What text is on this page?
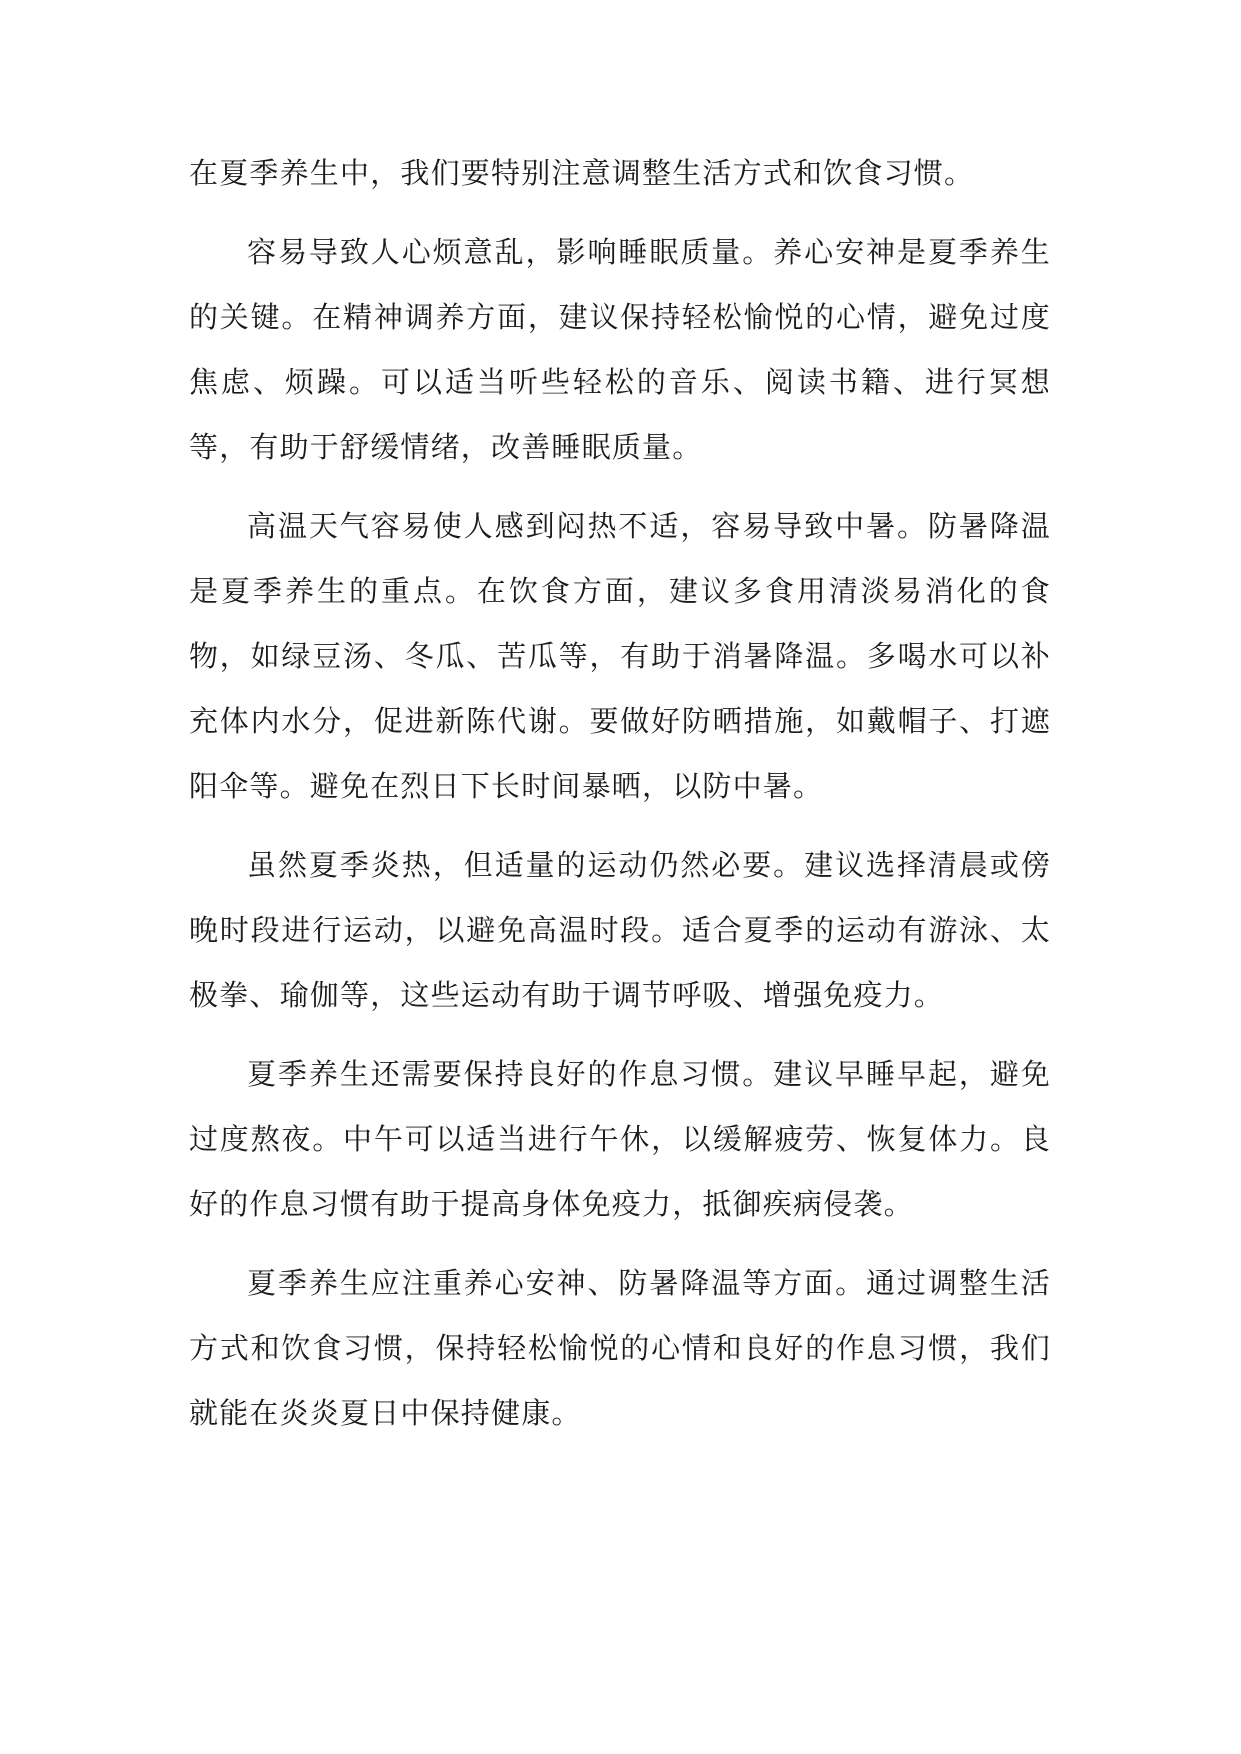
在夏季养生中，我们要特别注意调整生活方式和饮食习惯。

容易导致人心烦意乱，影响睡眠质量。养心安神是夏季养生的关键。在精神调养方面，建议保持轻松愉悦的心情，避免过度焦虑、烦躁。可以适当听些轻松的音乐、阅读书籍、进行冥想等，有助于舒缓情绪，改善睡眠质量。

高温天气容易使人感到闷热不适，容易导致中暑。防暑降温是夏季养生的重点。在饮食方面，建议多食用清淡易消化的食物，如绿豆汤、冬瓜、苦瓜等，有助于消暑降温。多喝水可以补充体内水分，促进新陈代谢。要做好防晒措施，如戴帽子、打遮阳伞等。避免在烈日下长时间暴晒，以防中暑。

虽然夏季炎热，但适量的运动仍然必要。建议选择清晨或傍晚时段进行运动，以避免高温时段。适合夏季的运动有游泳、太极拳、瑜伽等，这些运动有助于调节呼吸、增强免疫力。

夏季养生还需要保持良好的作息习惯。建议早睡早起，避免过度熬夜。中午可以适当进行午休，以缓解疲劳、恢复体力。良好的作息习惯有助于提高身体免疫力，抵御疾病侵袭。

夏季养生应注重养心安神、防暑降温等方面。通过调整生活方式和饮食习惯，保持轻松愉悦的心情和良好的作息习惯，我们就能在炎炎夏日中保持健康。
